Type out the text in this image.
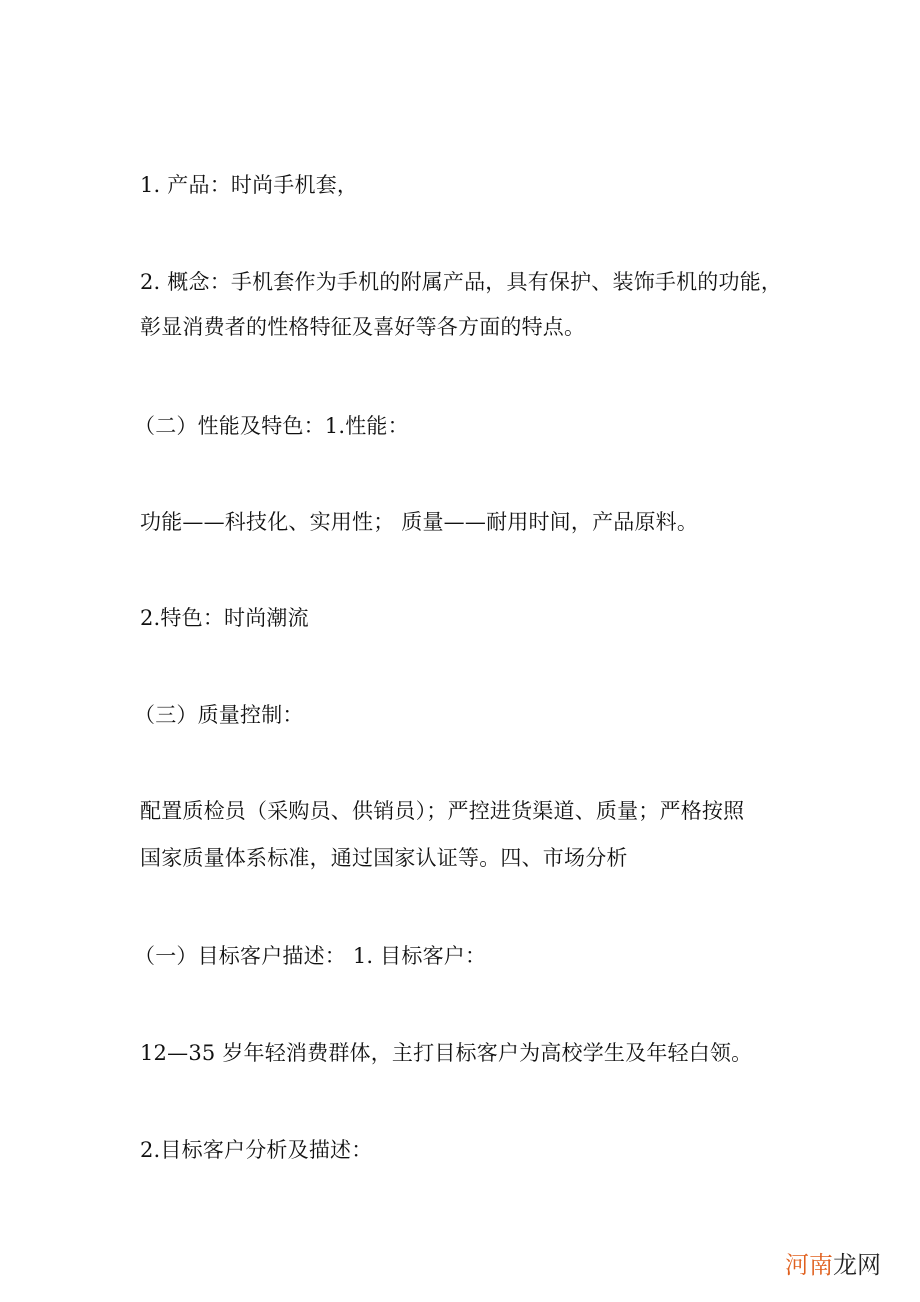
1. 产品：时尚手机套，
2. 概念：手机套作为手机的附属产品，具有保护、装饰手机的功能，
彰显消费者的性格特征及喜好等各方面的特点。
（二）性能及特色：1.性能：
功能——科技化、实用性； 质量——耐用时间，产品原料。
2.特色：时尚潮流
（三）质量控制：
配置质检员（采购员、供销员）；严控进货渠道、质量；严格按照
国家质量体系标准，通过国家认证等。四、市场分析
（一）目标客户描述： 1. 目标客户：
12—35 岁年轻消费群体，主打目标客户为高校学生及年轻白领。
2.目标客户分析及描述：
河南龙网
